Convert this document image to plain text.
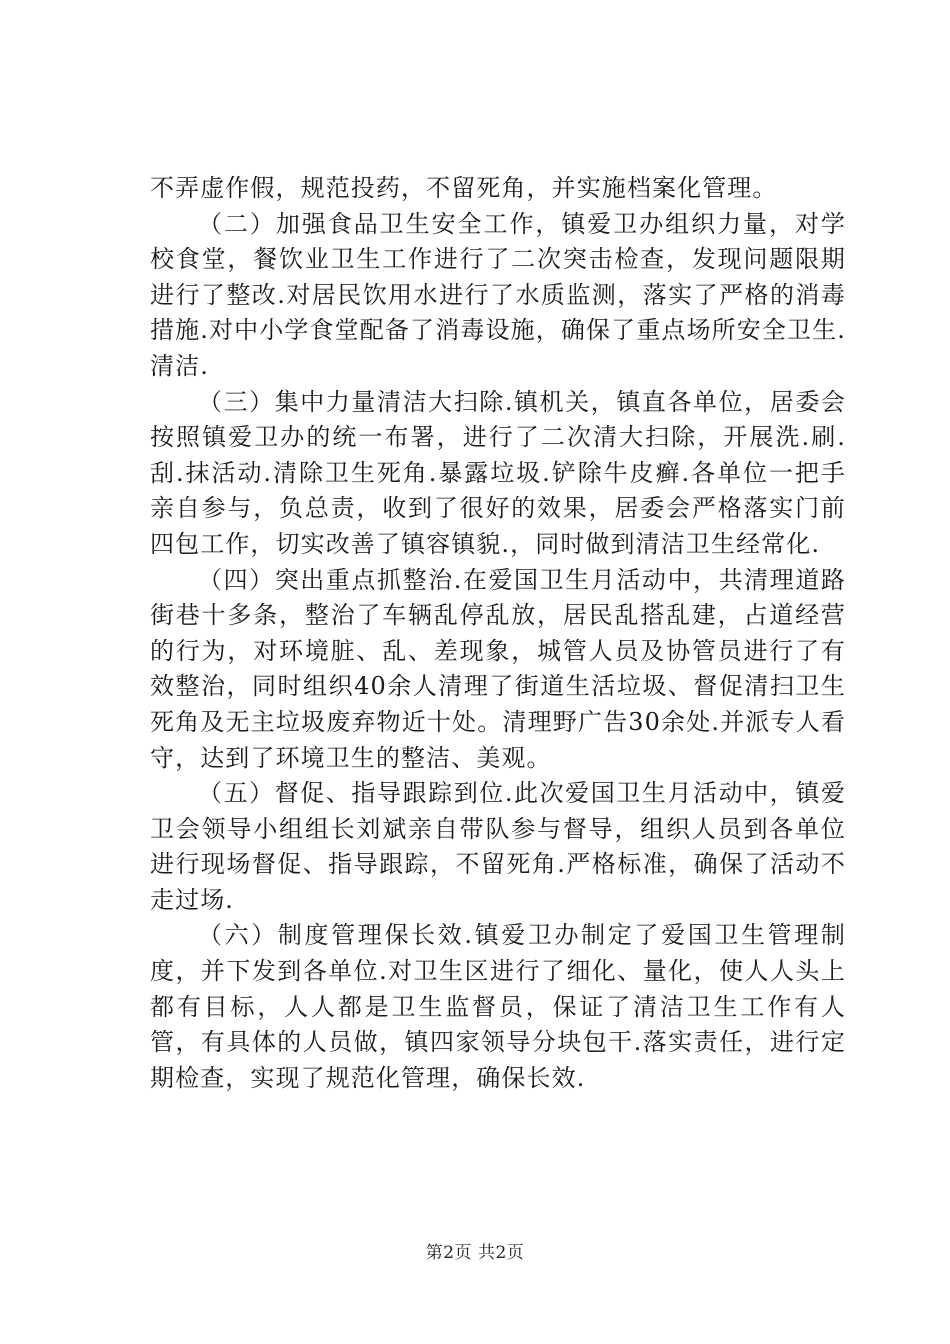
不弄虚作假，规范投药，不留死角，并实施档案化管理。

（二）加强食品卫生安全工作，镇爱卫办组织力量，对学校食堂，餐饮业卫生工作进行了二次突击检查，发现问题限期进行了整改.对居民饮用水进行了水质监测，落实了严格的消毒措施.对中小学食堂配备了消毒设施，确保了重点场所安全卫生.清洁.

（三）集中力量清洁大扫除.镇机关，镇直各单位，居委会按照镇爱卫办的统一布署，进行了二次清大扫除，开展洗.刷.刮.抹活动.清除卫生死角.暴露垃圾.铲除牛皮癣.各单位一把手亲自参与，负总责，收到了很好的效果，居委会严格落实门前四包工作，切实改善了镇容镇貌.，同时做到清洁卫生经常化.

（四）突出重点抓整治.在爱国卫生月活动中，共清理道路街巷十多条，整治了车辆乱停乱放，居民乱搭乱建，占道经营的行为，对环境脏、乱、差现象，城管人员及协管员进行了有效整治，同时组织40余人清理了街道生活垃圾、督促清扫卫生死角及无主垃圾废弃物近十处。清理野广告30余处.并派专人看守，达到了环境卫生的整洁、美观。

（五）督促、指导跟踪到位.此次爱国卫生月活动中，镇爱卫会领导小组组长刘斌亲自带队参与督导，组织人员到各单位进行现场督促、指导跟踪，不留死角.严格标准，确保了活动不走过场.

（六）制度管理保长效.镇爱卫办制定了爱国卫生管理制度，并下发到各单位.对卫生区进行了细化、量化，使人人头上都有目标，人人都是卫生监督员，保证了清洁卫生工作有人管，有具体的人员做，镇四家领导分块包干.落实责任，进行定期检查，实现了规范化管理，确保长效.

第2页 共2页
